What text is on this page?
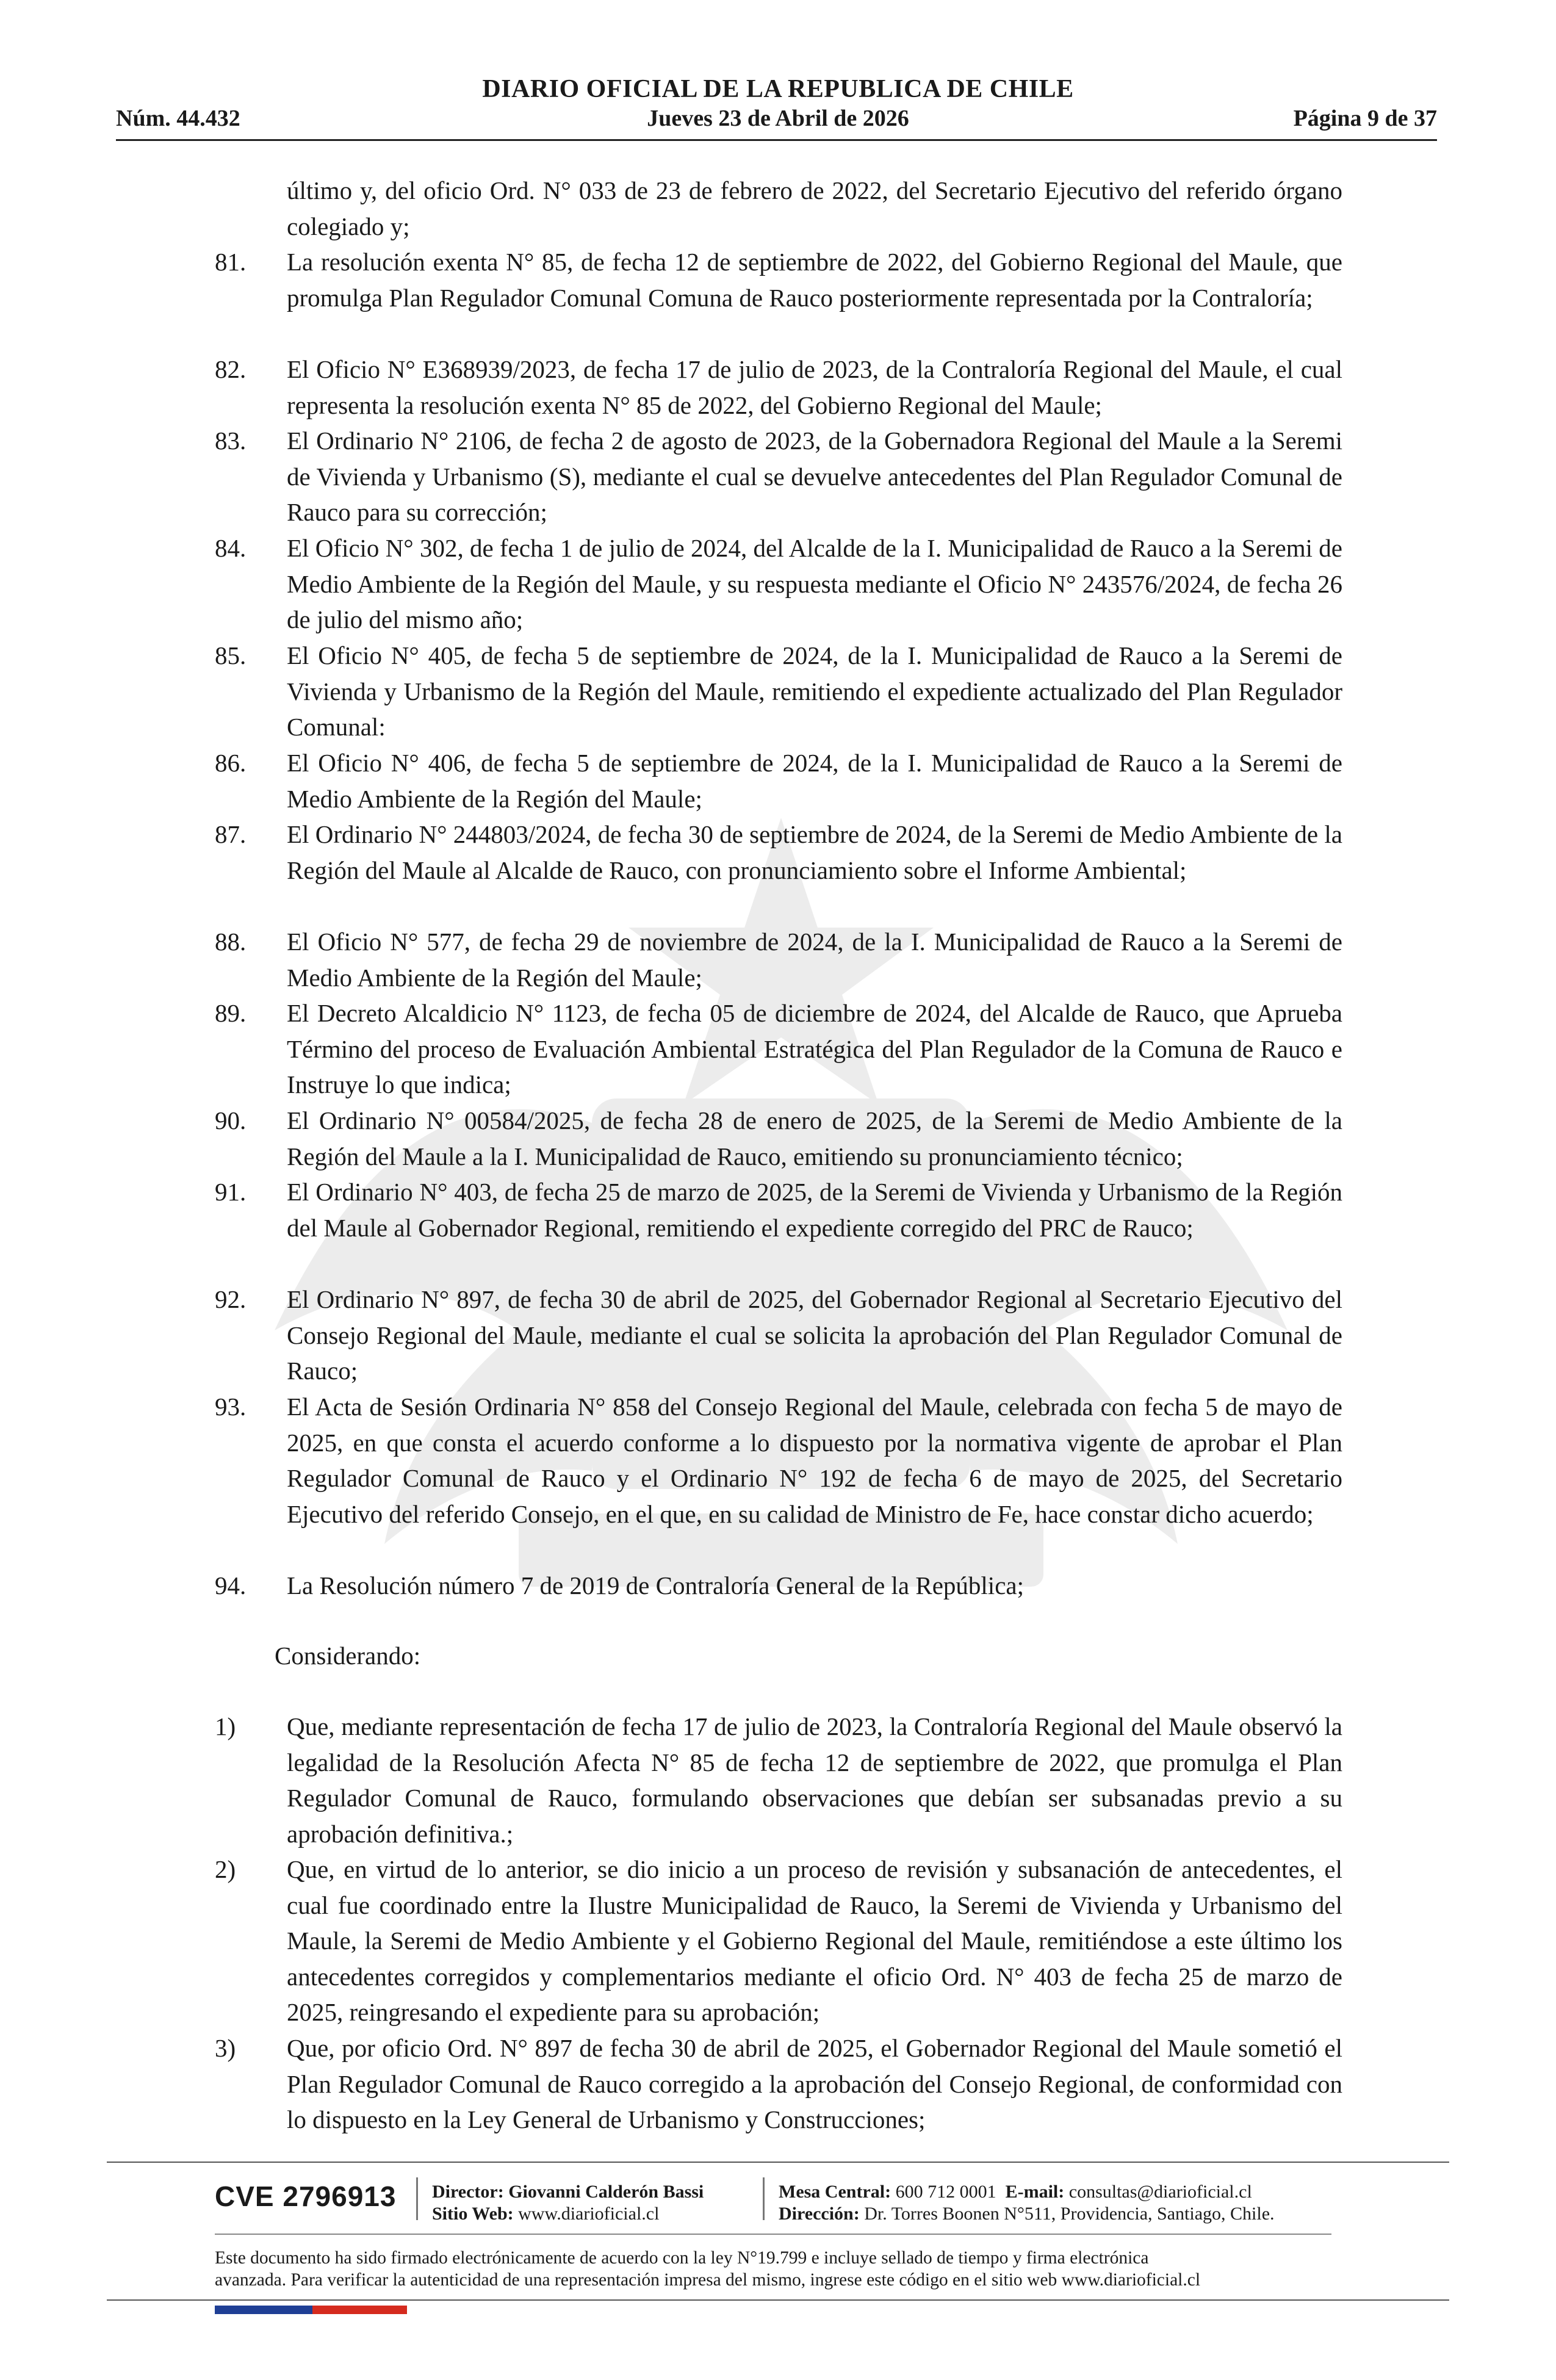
DIARIO OFICIAL DE LA REPUBLICA DE CHILE
Núm. 44.432	Jueves 23 de Abril de 2026	Página 9 de 37

último y, del oficio Ord. N° 033 de 23 de febrero de 2022, del Secretario Ejecutivo del referido órgano colegiado y;

81. La resolución exenta N° 85, de fecha 12 de septiembre de 2022, del Gobierno Regional del Maule, que promulga Plan Regulador Comunal Comuna de Rauco posteriormente representada por la Contraloría;

82. El Oficio N° E368939/2023, de fecha 17 de julio de 2023, de la Contraloría Regional del Maule, el cual representa la resolución exenta N° 85 de 2022, del Gobierno Regional del Maule;

83. El Ordinario N° 2106, de fecha 2 de agosto de 2023, de la Gobernadora Regional del Maule a la Seremi de Vivienda y Urbanismo (S), mediante el cual se devuelve antecedentes del Plan Regulador Comunal de Rauco para su corrección;

84. El Oficio N° 302, de fecha 1 de julio de 2024, del Alcalde de la I. Municipalidad de Rauco a la Seremi de Medio Ambiente de la Región del Maule, y su respuesta mediante el Oficio N° 243576/2024, de fecha 26 de julio del mismo año;

85. El Oficio N° 405, de fecha 5 de septiembre de 2024, de la I. Municipalidad de Rauco a la Seremi de Vivienda y Urbanismo de la Región del Maule, remitiendo el expediente actualizado del Plan Regulador Comunal:

86. El Oficio N° 406, de fecha 5 de septiembre de 2024, de la I. Municipalidad de Rauco a la Seremi de Medio Ambiente de la Región del Maule;

87. El Ordinario N° 244803/2024, de fecha 30 de septiembre de 2024, de la Seremi de Medio Ambiente de la Región del Maule al Alcalde de Rauco, con pronunciamiento sobre el Informe Ambiental;

88. El Oficio N° 577, de fecha 29 de noviembre de 2024, de la I. Municipalidad de Rauco a la Seremi de Medio Ambiente de la Región del Maule;

89. El Decreto Alcaldicio N° 1123, de fecha 05 de diciembre de 2024, del Alcalde de Rauco, que Aprueba Término del proceso de Evaluación Ambiental Estratégica del Plan Regulador de la Comuna de Rauco e Instruye lo que indica;

90. El Ordinario N° 00584/2025, de fecha 28 de enero de 2025, de la Seremi de Medio Ambiente de la Región del Maule a la I. Municipalidad de Rauco, emitiendo su pronunciamiento técnico;

91. El Ordinario N° 403, de fecha 25 de marzo de 2025, de la Seremi de Vivienda y Urbanismo de la Región del Maule al Gobernador Regional, remitiendo el expediente corregido del PRC de Rauco;

92. El Ordinario N° 897, de fecha 30 de abril de 2025, del Gobernador Regional al Secretario Ejecutivo del Consejo Regional del Maule, mediante el cual se solicita la aprobación del Plan Regulador Comunal de Rauco;

93. El Acta de Sesión Ordinaria N° 858 del Consejo Regional del Maule, celebrada con fecha 5 de mayo de 2025, en que consta el acuerdo conforme a lo dispuesto por la normativa vigente de aprobar el Plan Regulador Comunal de Rauco y el Ordinario N° 192 de fecha 6 de mayo de 2025, del Secretario Ejecutivo del referido Consejo, en el que, en su calidad de Ministro de Fe, hace constar dicho acuerdo;

94. La Resolución número 7 de 2019 de Contraloría General de la República;

Considerando:
1) Que, mediante representación de fecha 17 de julio de 2023, la Contraloría Regional del Maule observó la legalidad de la Resolución Afecta N° 85 de fecha 12 de septiembre de 2022, que promulga el Plan Regulador Comunal de Rauco, formulando observaciones que debían ser subsanadas previo a su aprobación definitiva.;

2) Que, en virtud de lo anterior, se dio inicio a un proceso de revisión y subsanación de antecedentes, el cual fue coordinado entre la Ilustre Municipalidad de Rauco, la Seremi de Vivienda y Urbanismo del Maule, la Seremi de Medio Ambiente y el Gobierno Regional del Maule, remitiéndose a este último los antecedentes corregidos y complementarios mediante el oficio Ord. N° 403 de fecha 25 de marzo de 2025, reingresando el expediente para su aprobación;

3) Que, por oficio Ord. N° 897 de fecha 30 de abril de 2025, el Gobernador Regional del Maule sometió el Plan Regulador Comunal de Rauco corregido a la aprobación del Consejo Regional, de conformidad con lo dispuesto en la Ley General de Urbanismo y Construcciones;

CVE 2796913 Director: Giovanni Calderón Bassi
Sitio Web: www.diarioficial.cl
Mesa Central: 600 712 0001 E-mail: consultas@diarioficial.cl
Dirección: Dr. Torres Boonen N°511, Providencia, Santiago, Chile.
Este documento ha sido firmado electrónicamente de acuerdo con la ley N°19.799 e incluye sellado de tiempo y firma electrónica
avanzada. Para verificar la autenticidad de una representación impresa del mismo, ingrese este código en el sitio web www.diarioficial.cl
